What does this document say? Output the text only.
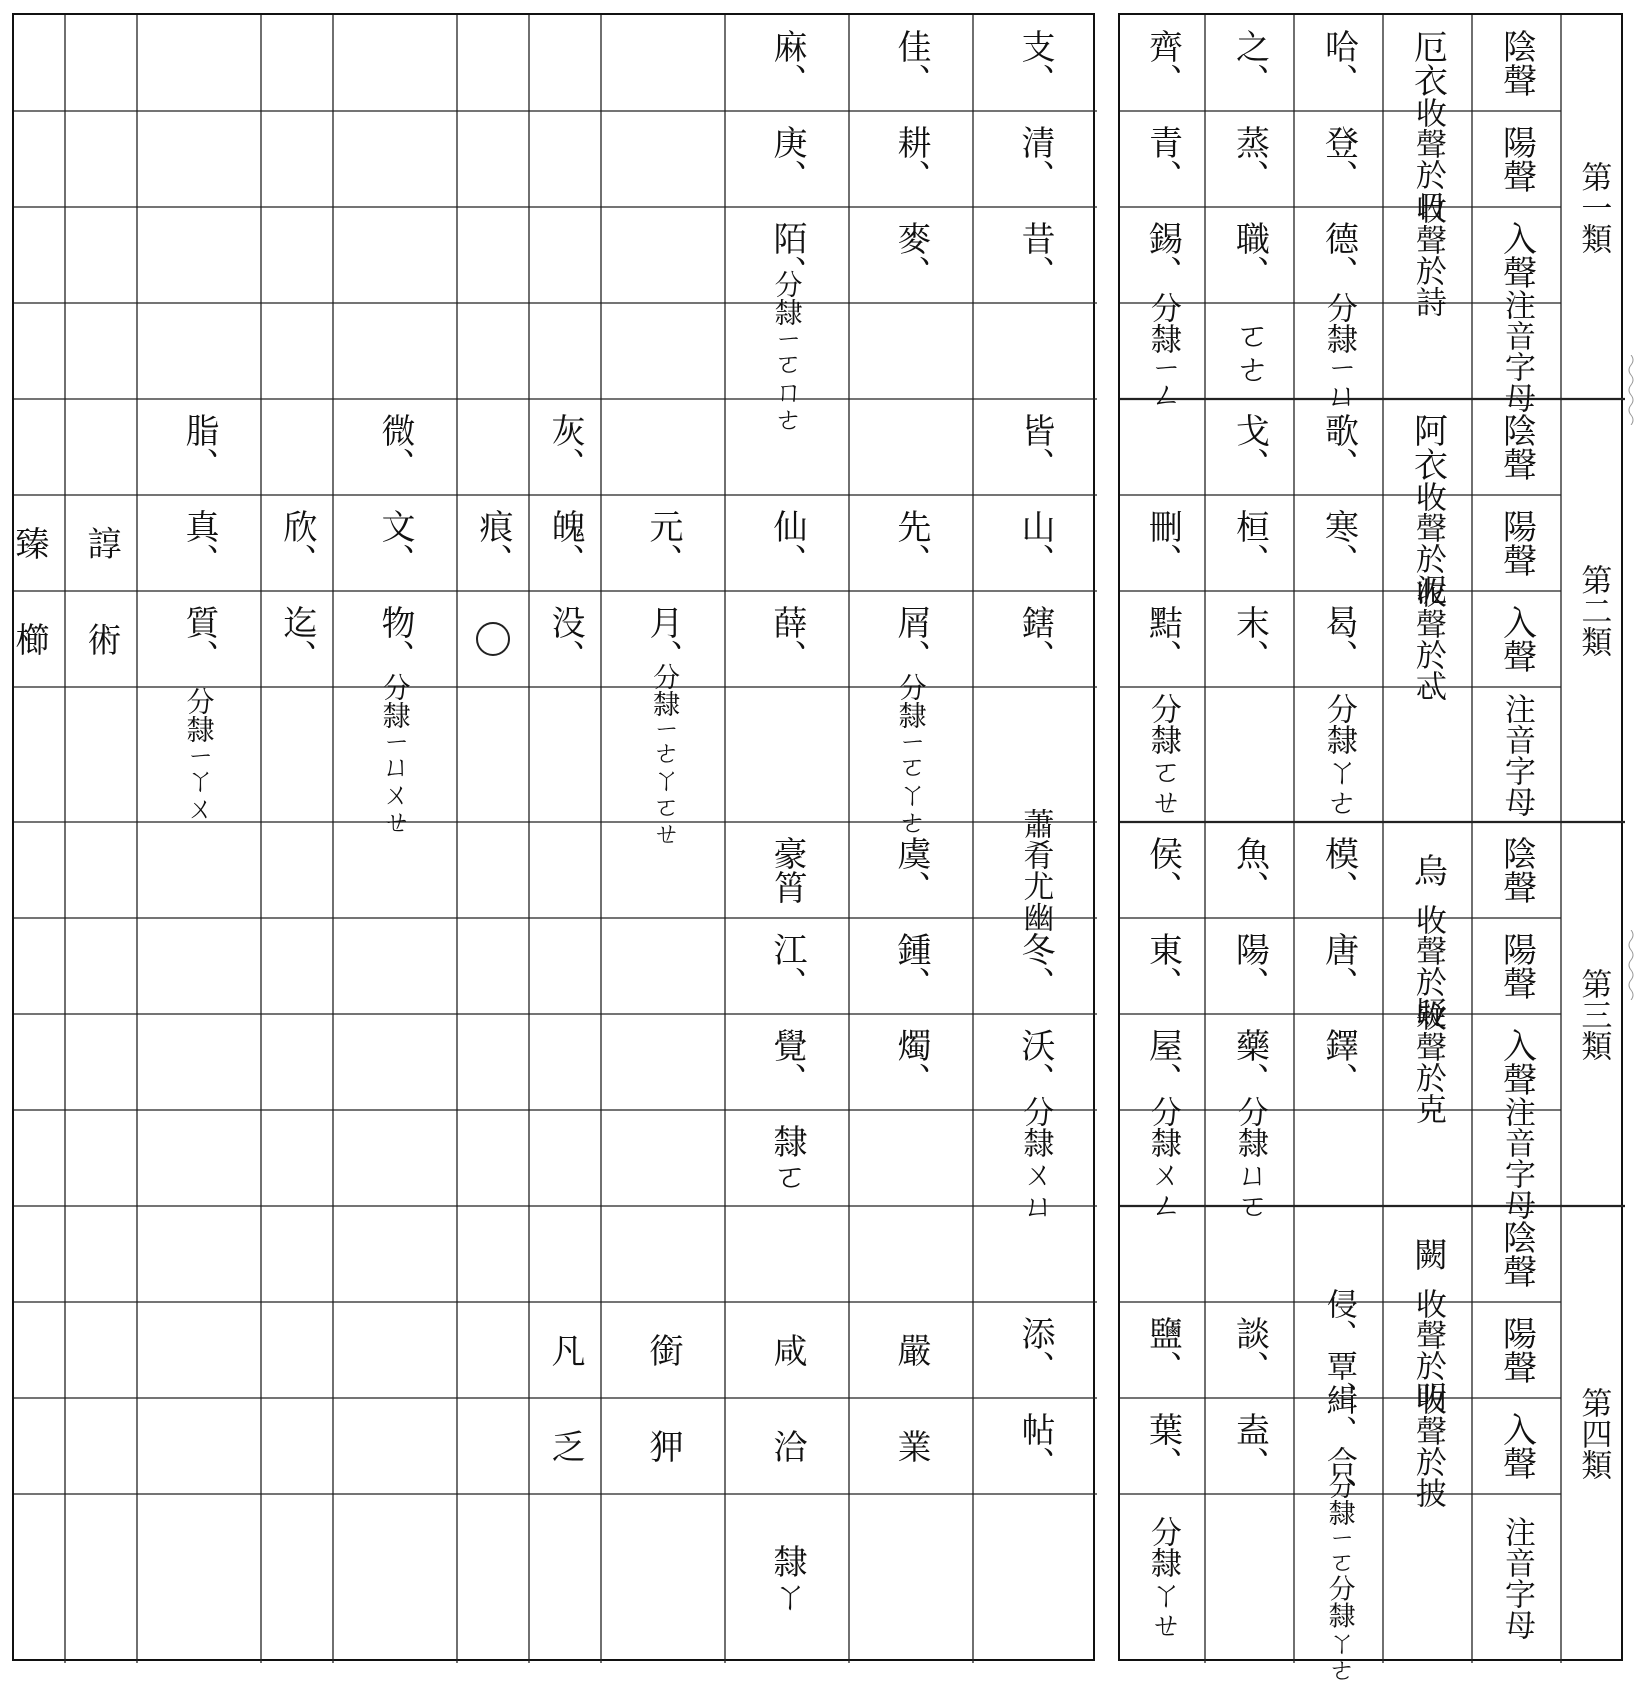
支、
佳、
麻、
清、
耕、
庚、
昔、
麥、
陌、
分隸ㄧㄛㄇㄜ
皆、
灰、
微、
脂、
山、
先、
仙、
元、
魄、
痕、
文、
欣、
真、
諄
臻
鎋、
屑、
薛、
月、
没、
物、
迄、
質、
術
櫛
分隸ㄧㄛㄚㄜ
分隸ㄧㄜㄚㄛㄝ
分隸ㄧㄩㄨㄝ
分隸ㄧㄚㄨ
蕭肴尤幽
虞、
豪筲
冬、
鍾、
江、
沃、
燭、
覺、
分隸ㄨㄩ
隸ㄛ
添、
嚴
咸
銜
凡
帖、
業
洽
狎
乏
隸ㄚ
第一類
陰聲
厄衣
哈、
之、
齊、
陽聲
收聲於日
登、
蒸、
青、
入聲
收聲於詩
德、
職、
錫、
注音字母
分隸ㄧㄩ
ㄛㄜ
分隸ㄧㄥ
第二類
陰聲
阿衣
歌、
戈、
陽聲
收聲於泥
寒、
桓、
刪、
入聲
收聲於忒
曷、
末、
黠、
注音字母
分隸ㄚㄜ
分隸ㄛㄝ
第三類
陰聲
烏
模、
魚、
侯、
陽聲
收聲於疑
唐、
陽、
東、
入聲
收聲於克
鐸、
藥、
屋、
注音字母
分隸ㄩㄛ
分隸ㄨㄥ
第四類
陰聲
闕
陽聲
收聲於明
侵、覃、
談、
鹽、
入聲
收聲於披
緝、合、
盍、
葉、
注音字母
分隸ㄧㄛ分隸ㄚㄜ
分隸ㄚㄝ
